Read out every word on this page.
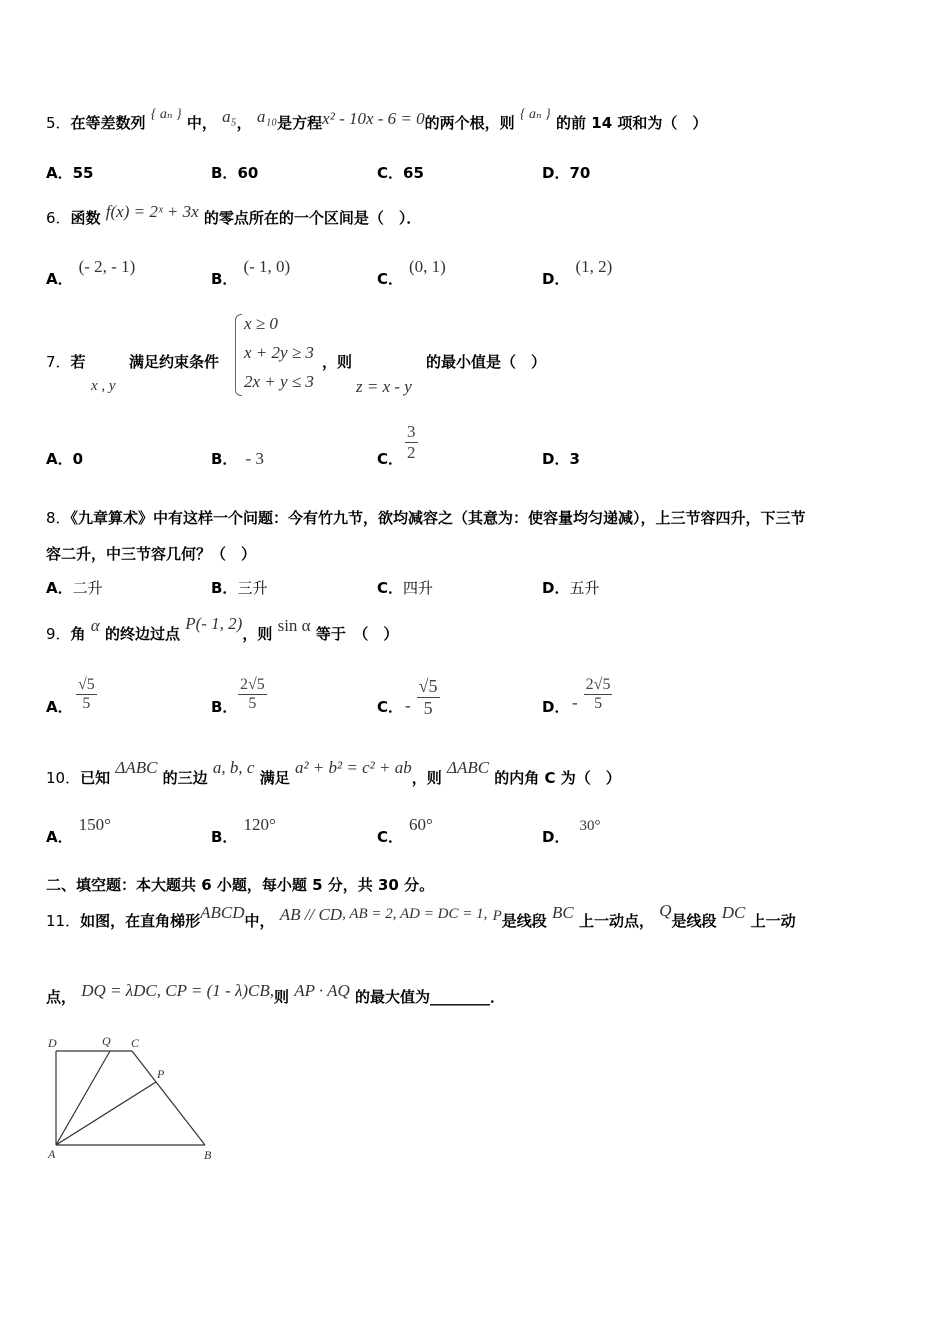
5．在等差数列 { aₙ } 中， a₅， a₁₀是方程x² - 10x - 6 = 0的两个根，则 { aₙ } 的前 14 项和为（　）
A．55	B．60	C．65	D．70
6．函数 f(x) = 2ˣ + 3x 的零点所在的一个区间是（　）．
A．(- 2, - 1)
B．(- 1, 0)
C．(0, 1)
D．(1, 2)
7．若
x , y
满足约束条件
x ≥ 0
x + 2y ≥ 3
2x + y ≤ 3
，则
z = x - y
的最小值是（　）
A．0	B． - 3	C． $\frac{3}{2}$	D．3
8．《九章算术》中有这样一个问题：今有竹九节，欲均减容之（其意为：使容量均匀递减），上三节容四升，下三节
容二升，中三节容几何？（　）
A．二升	B．三升	C．四升	D．五升
9．角 α 的终边过点 P(- 1, 2)，则 sin α 等于　（　）
A． $\frac{√5}{5}$	B． $\frac{2√5}{5}$	C． - $\frac{√5}{5}$	D． - $\frac{2√5}{5}$
10．已知 ΔABC 的三边 a, b, c 满足 a² + b² = c² + ab，则 ΔABC 的内角 C 为（　）
A．150°
B．120°
C．60°
D．30°
二、填空题：本大题共 6 小题，每小题 5 分，共 30 分。
11．如图，在直角梯形ABCD中， AB // CD, AB = 2, AD = DC = 1, P是线段 BC 上一动点， Q是线段 DC 上一动
点， DQ = λDC, CP = (1 - λ)CB,则 AP · AQ 的最大值为________．
D	Q C
P
A	B
